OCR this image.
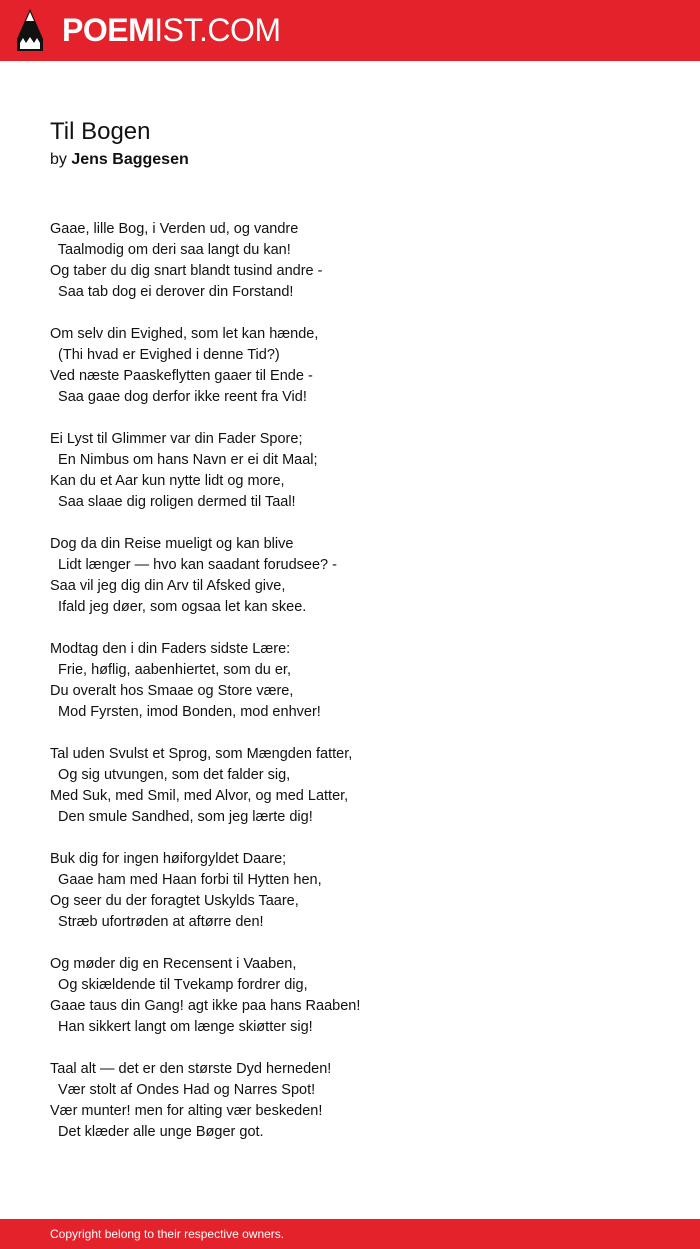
POEMIST.COM
Til Bogen
by Jens Baggesen
Gaae, lille Bog, i Verden ud, og vandre
Taalmodig om deri saa langt du kan!
Og taber du dig snart blandt tusind andre -
Saa tab dog ei derover din Forstand!
Om selv din Evighed, som let kan hænde,
(Thi hvad er Evighed i denne Tid?)
Ved næste Paaskeflytten gaaer til Ende -
Saa gaae dog derfor ikke reent fra Vid!
Ei Lyst til Glimmer var din Fader Spore;
En Nimbus om hans Navn er ei dit Maal;
Kan du et Aar kun nytte lidt og more,
Saa slaae dig roligen dermed til Taal!
Dog da din Reise mueligt og kan blive
Lidt længer — hvo kan saadant forudsee? -
Saa vil jeg dig din Arv til Afsked give,
Ifald jeg døer, som ogsaa let kan skee.
Modtag den i din Faders sidste Lære:
Frie, høflig, aabenhiertet, som du er,
Du overalt hos Smaae og Store være,
Mod Fyrsten, imod Bonden, mod enhver!
Tal uden Svulst et Sprog, som Mængden fatter,
Og sig utvungen, som det falder sig,
Med Suk, med Smil, med Alvor, og med Latter,
Den smule Sandhed, som jeg lærte dig!
Buk dig for ingen høiforgyldet Daare;
Gaae ham med Haan forbi til Hytten hen,
Og seer du der foragtet Uskylds Taare,
Stræb ufortrøden at aftørre den!
Og møder dig en Recensent i Vaaben,
Og skiældende til Tvekamp fordrer dig,
Gaae taus din Gang! agt ikke paa hans Raaben!
Han sikkert langt om længe skiøtter sig!
Taal alt — det er den største Dyd herneden!
Vær stolt af Ondes Had og Narres Spot!
Vær munter! men for alting vær beskeden!
Det klæder alle unge Bøger got.
Copyright belong to their respective owners.
